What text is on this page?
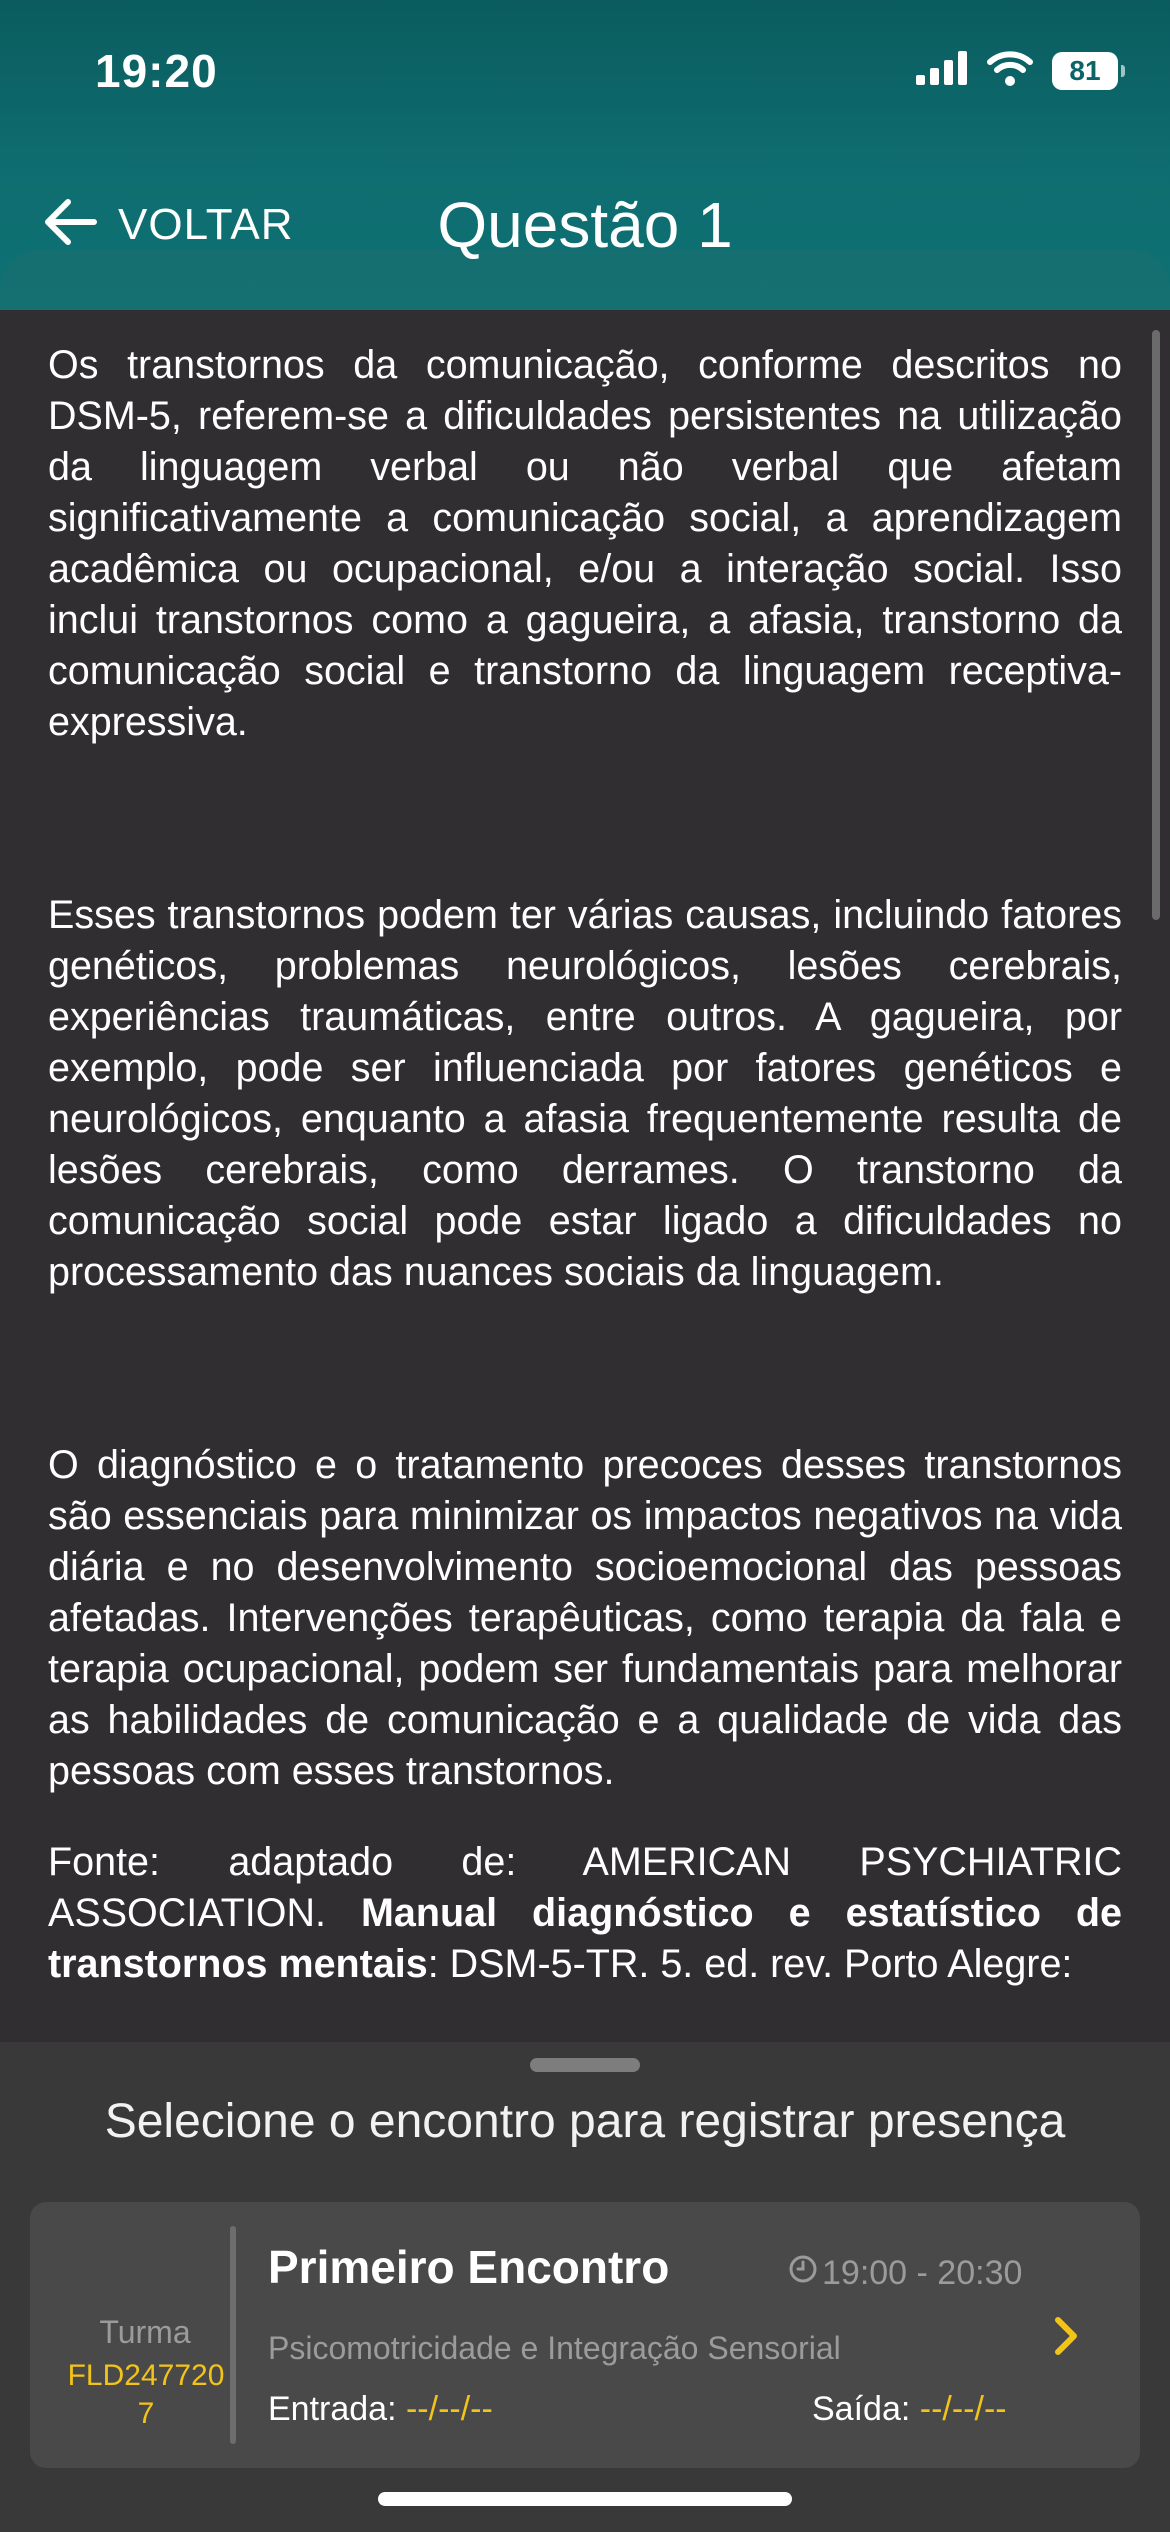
19:20	81
VOLTAR	Questão 1

Os transtornos da comunicação, conforme descritos no DSM-5, referem-se a dificuldades persistentes na utilização da linguagem verbal ou não verbal que afetam significativamente a comunicação social, a aprendizagem acadêmica ou ocupacional, e/ou a interação social. Isso inclui transtornos como a gagueira, a afasia, transtorno da comunicação social e transtorno da linguagem receptiva-expressiva.

Esses transtornos podem ter várias causas, incluindo fatores genéticos, problemas neurológicos, lesões cerebrais, experiências traumáticas, entre outros. A gagueira, por exemplo, pode ser influenciada por fatores genéticos e neurológicos, enquanto a afasia frequentemente resulta de lesões cerebrais, como derrames. O transtorno da comunicação social pode estar ligado a dificuldades no processamento das nuances sociais da linguagem.

O diagnóstico e o tratamento precoces desses transtornos são essenciais para minimizar os impactos negativos na vida diária e no desenvolvimento socioemocional das pessoas afetadas. Intervenções terapêuticas, como terapia da fala e terapia ocupacional, podem ser fundamentais para melhorar as habilidades de comunicação e a qualidade de vida das pessoas com esses transtornos.

Fonte: adaptado de: AMERICAN PSYCHIATRIC ASSOCIATION. Manual diagnóstico e estatístico de transtornos mentais: DSM-5-TR. 5. ed. rev. Porto Alegre:

Selecione o encontro para registrar presença
Turma
FLD2477207
Primeiro Encontro	19:00 - 20:30
Psicomotricidade e Integração Sensorial
Entrada: --/--/--	Saída: --/--/--
